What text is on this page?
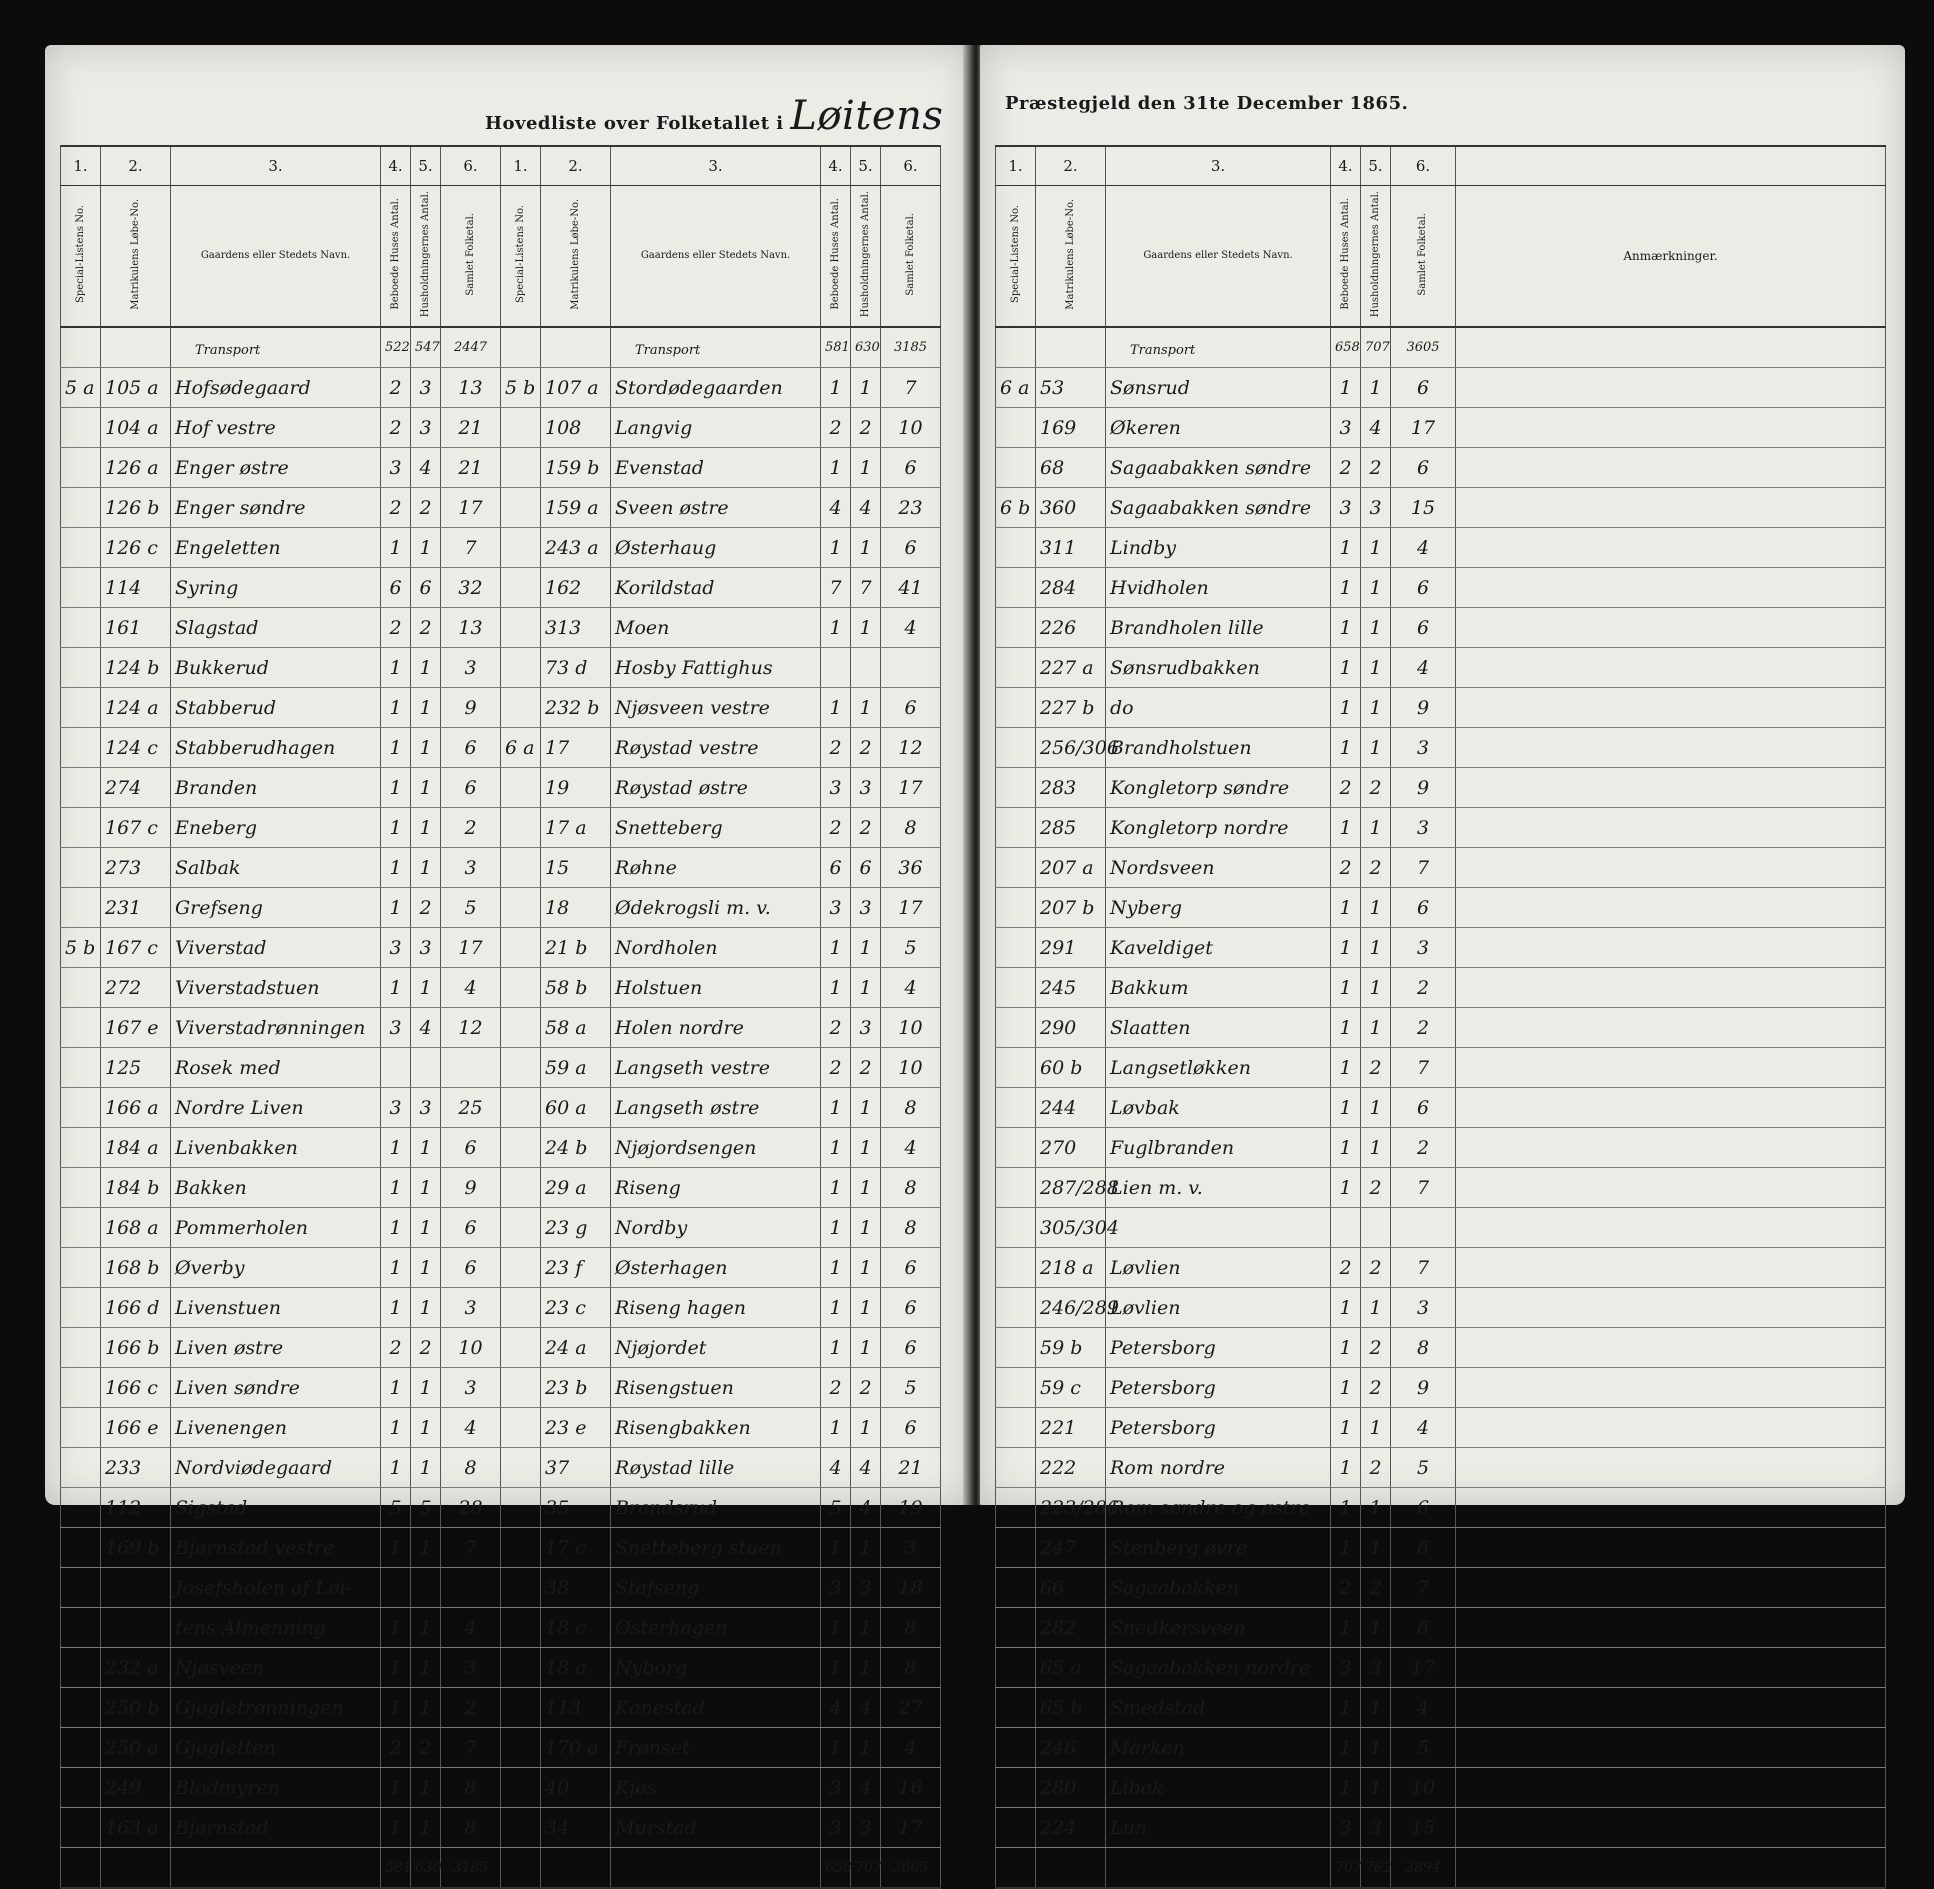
Hovedliste over Folketallet i Løitens
1.	2.	3.	4.	5.	6.
Special-Listens No.	Matrikulens Løbe-No.	Gaardens eller Stedets Navn.	Beboede Huses Antal.	Husholdningernes Antal.	Samlet Folketal.
		Transport	522	547	2447
5 a	105 a	Hofsødegaard	2	3	13
	104 a	Hof vestre	2	3	21
	126 a	Enger østre	3	4	21
	126 b	Enger søndre	2	2	17
	126 c	Engeletten	1	1	7
	114	Syring	6	6	32
	161	Slagstad	2	2	13
	124 b	Bukkerud	1	1	3
	124 a	Stabberud	1	1	9
	124 c	Stabberudhagen	1	1	6
	274	Branden	1	1	6
	167 c	Eneberg	1	1	2
	273	Salbak	1	1	3
	231	Grefseng	1	2	5
5 b	167 c	Viverstad	3	3	17
	272	Viverstadstuen	1	1	4
	167 e	Viverstadrønningen	3	4	12
	125	Rosek med			
	166 a	Nordre Liven	3	3	25
	184 a	Livenbakken	1	1	6
	184 b	Bakken	1	1	9
	168 a	Pommerholen	1	1	6
	168 b	Øverby	1	1	6
	166 d	Livenstuen	1	1	3
	166 b	Liven østre	2	2	10
	166 c	Liven søndre	1	1	3
	166 e	Livenengen	1	1	4
	233	Nordviødegaard	1	1	8
	112	Sigstad	5	5	28
	169 b	Bjørnstad vestre	1	1	7
		Josefsholen af Løi-			
		tens Almenning	1	1	4
	232 a	Njøsveen	1	1	3
	250 b	Gjøgletrønningen	1	1	2
	250 a	Gjøgletten	2	2	7
	249	Blodmyren	1	1	8
	163 a	Bjørnstad	1	1	8
			581	630	3185
1.	2.	3.	4.	5.	6.
Special-Listens No.	Matrikulens Løbe-No.	Gaardens eller Stedets Navn.	Beboede Huses Antal.	Husholdningernes Antal.	Samlet Folketal.
		Transport	581	630	3185
5 b	107 a	Stordødegaarden	1	1	7
	108	Langvig	2	2	10
	159 b	Evenstad	1	1	6
	159 a	Sveen østre	4	4	23
	243 a	Østerhaug	1	1	6
	162	Korildstad	7	7	41
	313	Moen	1	1	4
	73 d	Hosby Fattighus			
	232 b	Njøsveen vestre	1	1	6
6 a	17	Røystad vestre	2	2	12
	19	Røystad østre	3	3	17
	17 a	Snetteberg	2	2	8
	15	Røhne	6	6	36
	18	Ødekrogsli m. v.	3	3	17
	21 b	Nordholen	1	1	5
	58 b	Holstuen	1	1	4
	58 a	Holen nordre	2	3	10
	59 a	Langseth vestre	2	2	10
	60 a	Langseth østre	1	1	8
	24 b	Njøjordsengen	1	1	4
	29 a	Riseng	1	1	8
	23 g	Nordby	1	1	8
	23 f	Østerhagen	1	1	6
	23 c	Riseng hagen	1	1	6
	24 a	Njøjordet	1	1	6
	23 b	Risengstuen	2	2	5
	23 e	Risengbakken	1	1	6
	37	Røystad lille	4	4	21
	35	Brandsrud	5	4	19
	17 c	Snetteberg stuen	1	1	3
	38	Stafseng	3	3	18
	18 c	Østerhagen	1	1	8
	18 a	Nyborg	1	1	8
	113	Kanestad	4	4	27
	170 a	Frønset	1	1	4
	40	Kjøs	3	4	16
	34	Murstad	3	3	17
			658	707	3605
Præstegjeld den 31te December 1865.
1.	2.	3.	4.	5.	6.	
Special-Listens No.	Matrikulens Løbe-No.	Gaardens eller Stedets Navn.	Beboede Huses Antal.	Husholdningernes Antal.	Samlet Folketal.	Anmærkninger.
		Transport	658	707	3605	
6 a	53	Sønsrud	1	1	6	
	169	Økeren	3	4	17	
	68	Sagaabakken søndre	2	2	6	
6 b	360	Sagaabakken søndre	3	3	15	
	311	Lindby	1	1	4	
	284	Hvidholen	1	1	6	
	226	Brandholen lille	1	1	6	
	227 a	Sønsrudbakken	1	1	4	
	227 b	do	1	1	9	
	256/306	Brandholstuen	1	1	3	
	283	Kongletorp søndre	2	2	9	
	285	Kongletorp nordre	1	1	3	
	207 a	Nordsveen	2	2	7	
	207 b	Nyberg	1	1	6	
	291	Kaveldiget	1	1	3	
	245	Bakkum	1	1	2	
	290	Slaatten	1	1	2	
	60 b	Langsetløkken	1	2	7	
	244	Løvbak	1	1	6	
	270	Fuglbranden	1	1	2	
	287/288	Lien m. v.	1	2	7	
	305/304					
	218 a	Løvlien	2	2	7	
	246/289	Løvlien	1	1	3	
	59 b	Petersborg	1	2	8	
	59 c	Petersborg	1	2	9	
	221	Petersborg	1	1	4	
	222	Rom nordre	1	2	5	
	223/286	Rom søndre og østre	1	1	6	
	247	Stenberg øvre	1	1	6	
	66	Sagaabakken	2	2	7	
	282	Snedkersveen	1	1	6	
	65 a	Sagaabakken nordre	3	3	17	
	65 b	Smedstad	1	1	4	
	246	Marken	1	1	5	
	280	Libak	1	1	10	
	224	Lun	3	3	15	
			707	762	3894	
